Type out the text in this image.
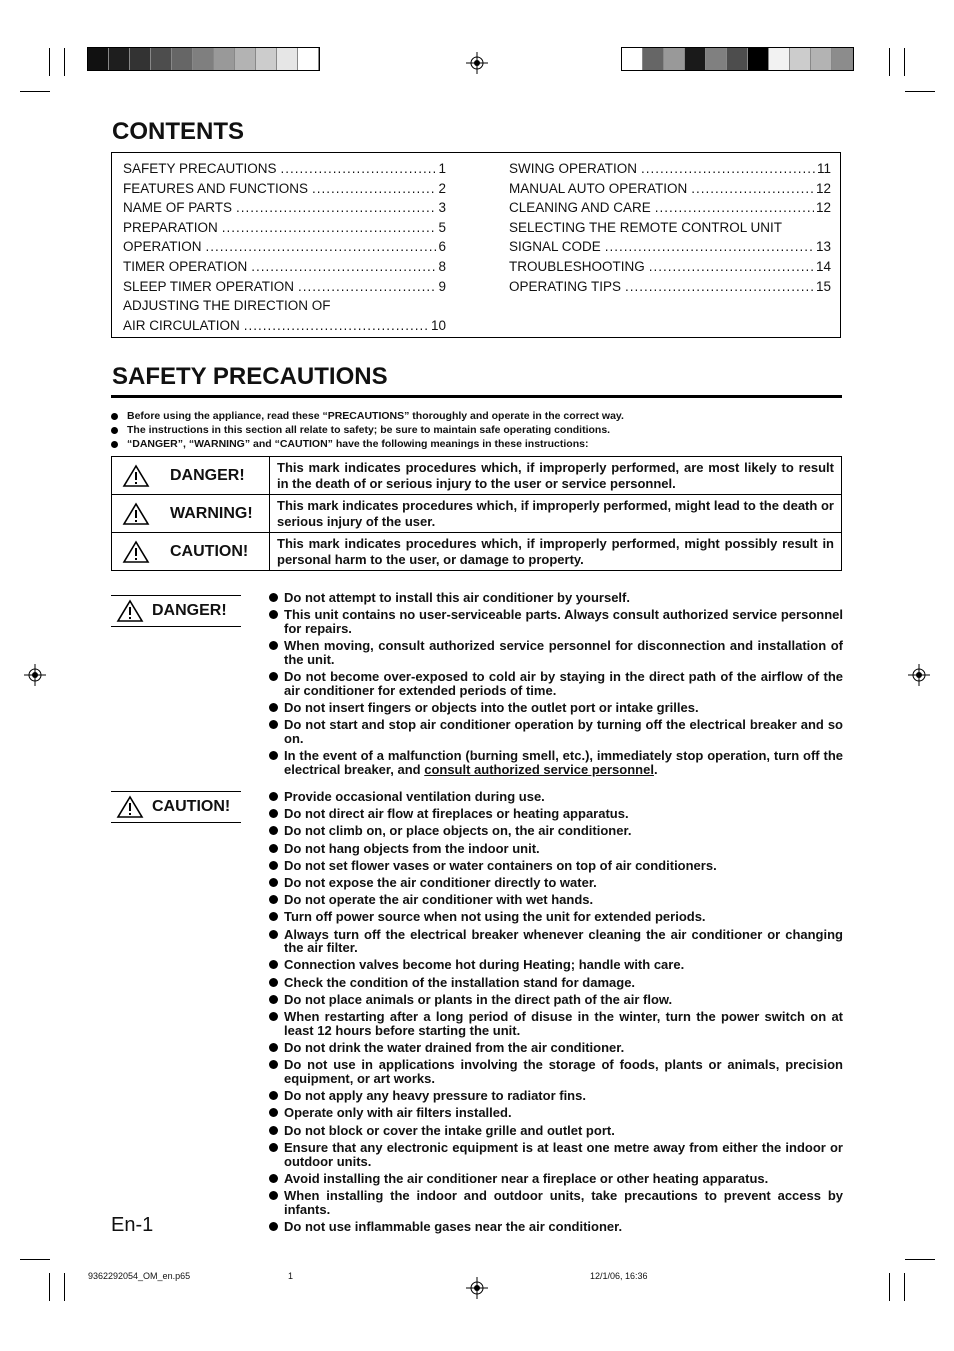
CONTENTS
SAFETY PRECAUTIONS .....	1
FEATURES AND FUNCTIONS .....	2
NAME OF PARTS .....	3
PREPARATION .....	5
OPERATION .....	6
TIMER OPERATION .....	8
SLEEP TIMER OPERATION .....	9
ADJUSTING THE DIRECTION OF
AIR CIRCULATION .....	10
SWING OPERATION .....	11
MANUAL AUTO OPERATION .....	12
CLEANING AND CARE .....	12
SELECTING THE REMOTE CONTROL UNIT
SIGNAL CODE .....	13
TROUBLESHOOTING .....	14
OPERATING TIPS .....	15
SAFETY PRECAUTIONS
Before using the appliance, read these “PRECAUTIONS” thoroughly and operate in the correct way.
The instructions in this section all relate to safety; be sure to maintain safe operating conditions.
“DANGER”, “WARNING” and “CAUTION” have the following meanings in these instructions:
DANGER!	This mark indicates procedures which, if improperly performed, are most likely to result in the death of or serious injury to the user or service personnel.

WARNING!	This mark indicates procedures which, if improperly performed, might lead to the death or serious injury of the user.

CAUTION!	This mark indicates procedures which, if improperly performed, might possibly result in personal harm to the user, or damage to property.
DANGER!
Do not attempt to install this air conditioner by yourself.
This unit contains no user-serviceable parts. Always consult authorized service personnel for repairs.
When moving, consult authorized service personnel for disconnection and installation of the unit.
Do not become over-exposed to cold air by staying in the direct path of the airflow of the air conditioner for extended periods of time.
Do not insert fingers or objects into the outlet port or intake grilles.
Do not start and stop air conditioner operation by turning off the electrical breaker and so on.
In the event of a malfunction (burning smell, etc.), immediately stop operation, turn off the electrical breaker, and consult authorized service personnel.
CAUTION!
Provide occasional ventilation during use.
Do not direct air flow at fireplaces or heating apparatus.
Do not climb on, or place objects on, the air conditioner.
Do not hang objects from the indoor unit.
Do not set flower vases or water containers on top of air conditioners.
Do not expose the air conditioner directly to water.
Do not operate the air conditioner with wet hands.
Turn off power source when not using the unit for extended periods.
Always turn off the electrical breaker whenever cleaning the air conditioner or changing the air filter.
Connection valves become hot during Heating; handle with care.
Check the condition of the installation stand for damage.
Do not place animals or plants in the direct path of the air flow.
When restarting after a long period of disuse in the winter, turn the power switch on at least 12 hours before starting the unit.
Do not drink the water drained from the air conditioner.
Do not use in applications involving the storage of foods, plants or animals, precision equipment, or art works.
Do not apply any heavy pressure to radiator fins.
Operate only with air filters installed.
Do not block or cover the intake grille and outlet port.
Ensure that any electronic equipment is at least one metre away from either the indoor or outdoor units.
Avoid installing the air conditioner near a fireplace or other heating apparatus.
When installing the indoor and outdoor units, take precautions to prevent access by infants.
Do not use inflammable gases near the air conditioner.
En-1
9362292054_OM_en.p65	1	12/1/06, 16:36
